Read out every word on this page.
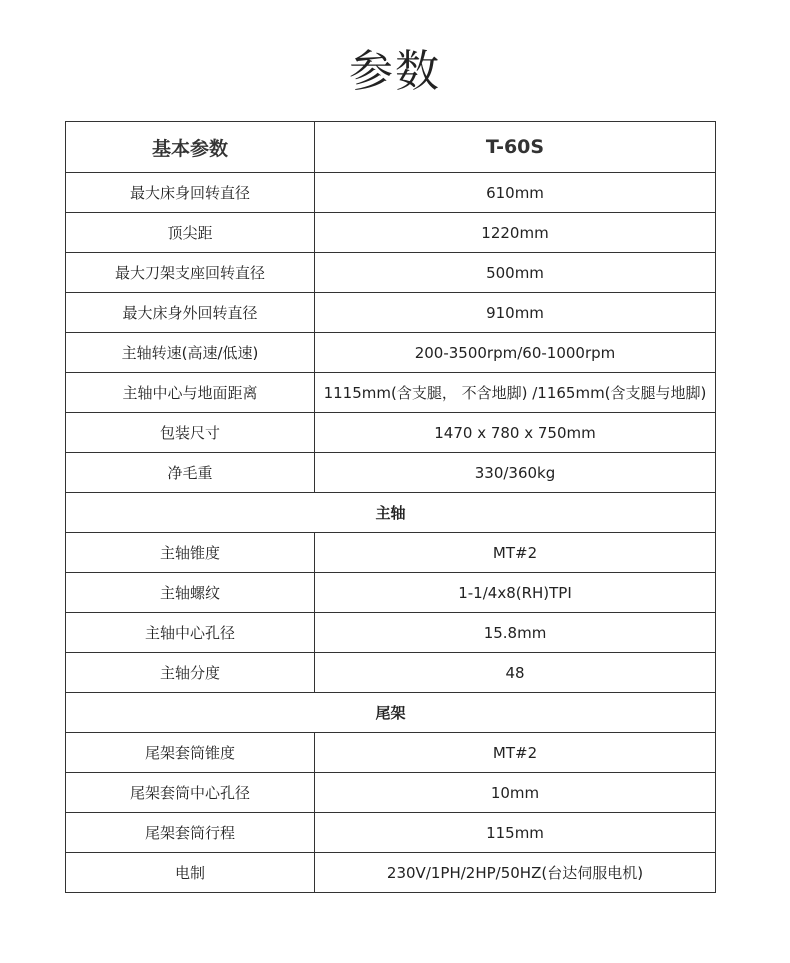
参数
基本参数	T-60S
最大床身回转直径	610mm
顶尖距	1220mm
最大刀架支座回转直径	500mm
最大床身外回转直径	910mm
主轴转速(高速/低速)	200-3500rpm/60-1000rpm
主轴中心与地面距离	1115mm(含支腿， 不含地脚) /1165mm(含支腿与地脚)
包装尺寸	1470 x 780 x 750mm
净毛重	330/360kg
主轴	
主轴锥度	MT#2
主轴螺纹	1-1/4x8(RH)TPI
主轴中心孔径	15.8mm
主轴分度	48
尾架	
尾架套筒锥度	MT#2
尾架套筒中心孔径	10mm
尾架套筒行程	115mm
电制	230V/1PH/2HP/50HZ(台达伺服电机)
